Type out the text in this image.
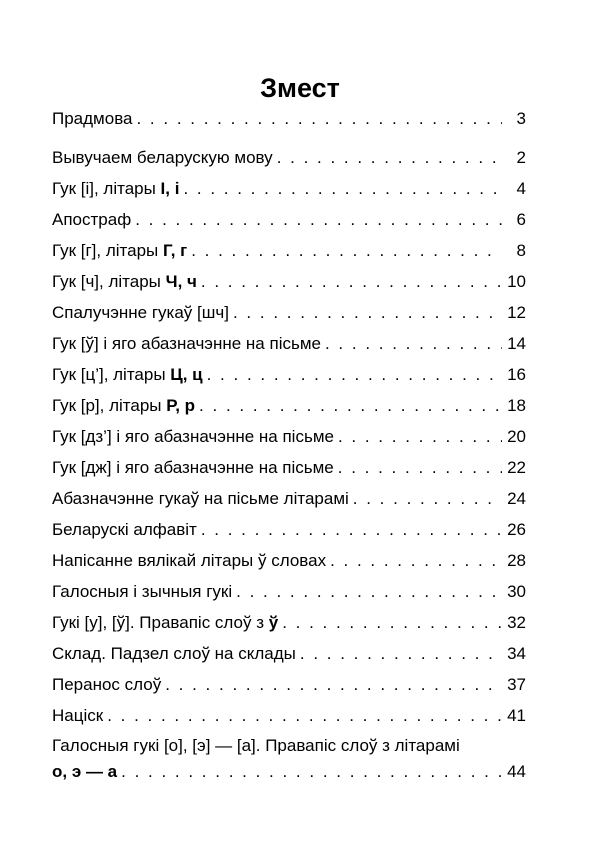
Змест
Прадмова . . .	3
Вывучаем беларускую мову . . .	2
Гук [і], літары І, і . . .	4
Апостраф . . .	6
Гук [г], літары Г, г . . .	8
Гук [ч], літары Ч, ч . . .	10
Спалучэнне гукаў [шч] . . .	12
Гук [ў] і яго абазначэнне на пісьме . . .	14
Гук [ц’], літары Ц, ц . . .	16
Гук [р], літары Р, р . . .	18
Гук [дз’] і яго абазначэнне на пісьме . . .	20
Гук [дж] і яго абазначэнне на пісьме . . .	22
Абазначэнне гукаў на пісьме літарамі . . .	24
Беларускі алфавіт . . .	26
Напісанне вялікай літары ў словах . . .	28
Галосныя і зычныя гукі . . .	30
Гукі [у], [ў]. Правапіс слоў з ў . . .	32
Склад. Падзел слоў на склады . . .	34
Перанос слоў . . .	37
Націск . . .	41
Галосныя гукі [о], [э] — [а]. Правапіс слоў з літарамі
о, э — а . . .	44
